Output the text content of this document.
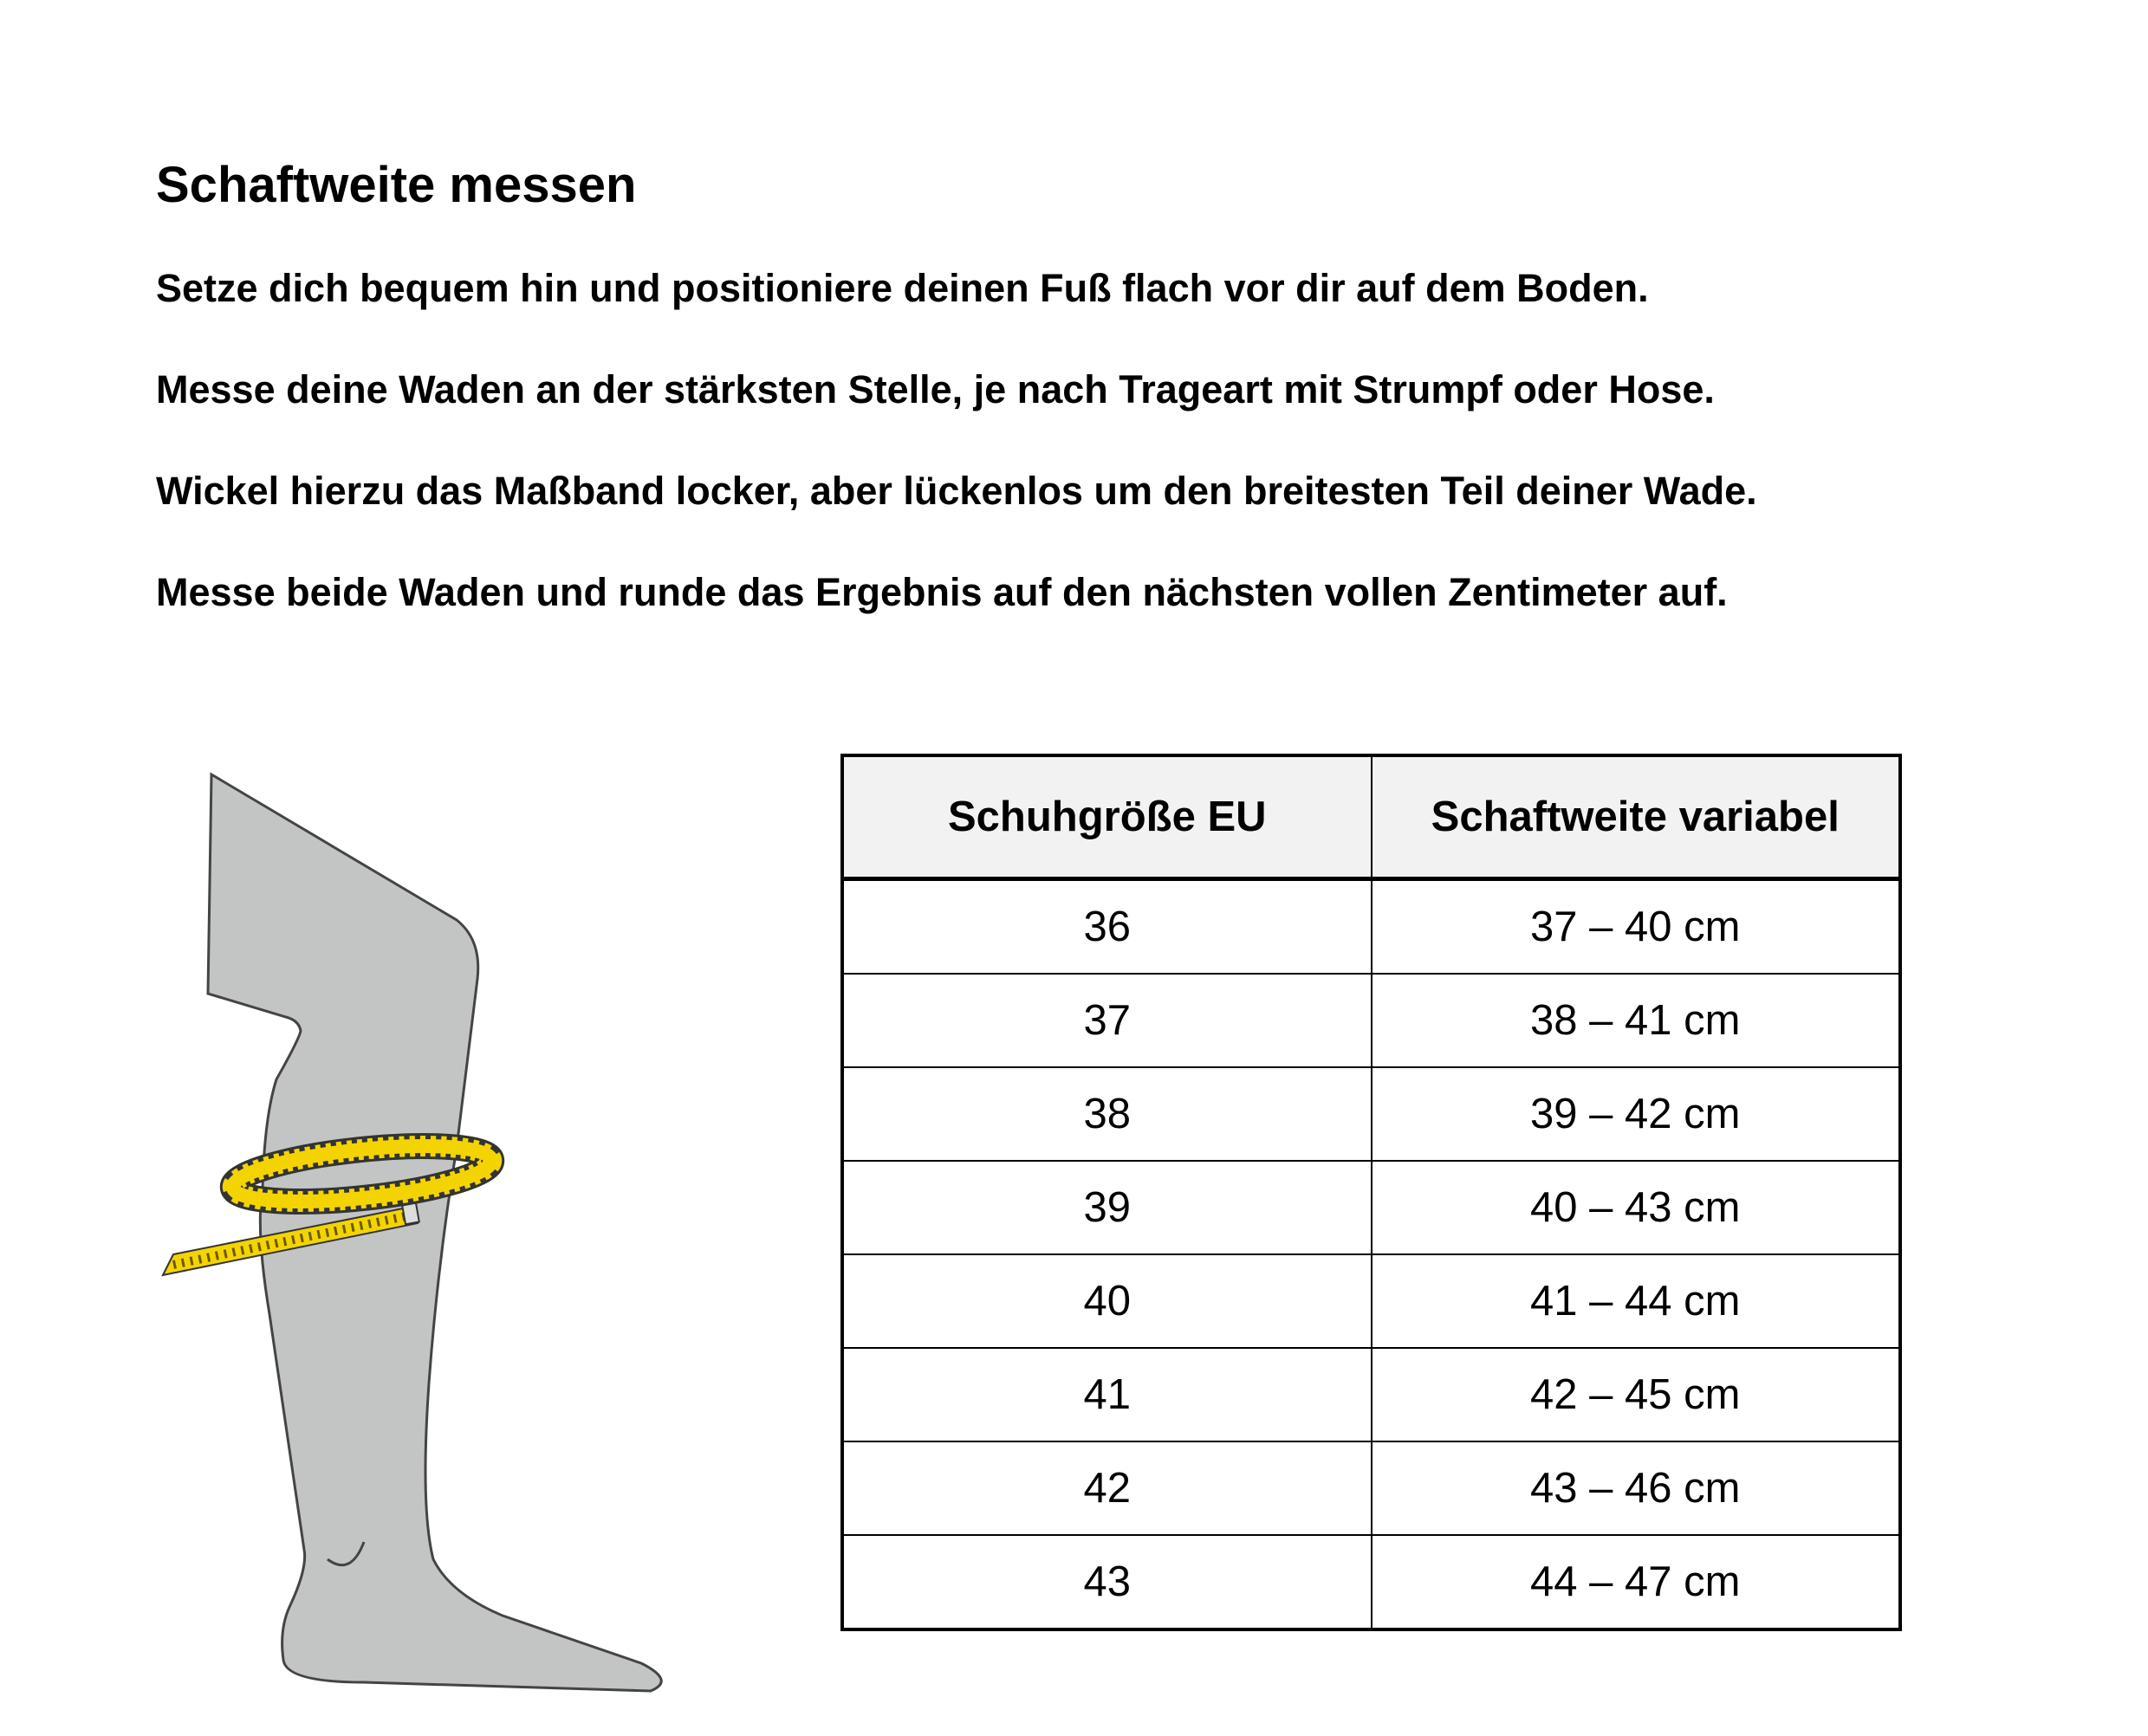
Schaftweite messen
Setze dich bequem hin und positioniere deinen Fuß flach vor dir auf dem Boden.
Messe deine Waden an der stärksten Stelle, je nach Trageart mit Strumpf oder Hose.
Wickel hierzu das Maßband locker, aber lückenlos um den breitesten Teil deiner Wade.
Messe beide Waden und runde das Ergebnis auf den nächsten vollen Zentimeter auf.
Schuhgröße EU	Schaftweite variabel
36	37 – 40 cm
37	38 – 41 cm
38	39 – 42 cm
39	40 – 43 cm
40	41 – 44 cm
41	42 – 45 cm
42	43 – 46 cm
43	44 – 47 cm
